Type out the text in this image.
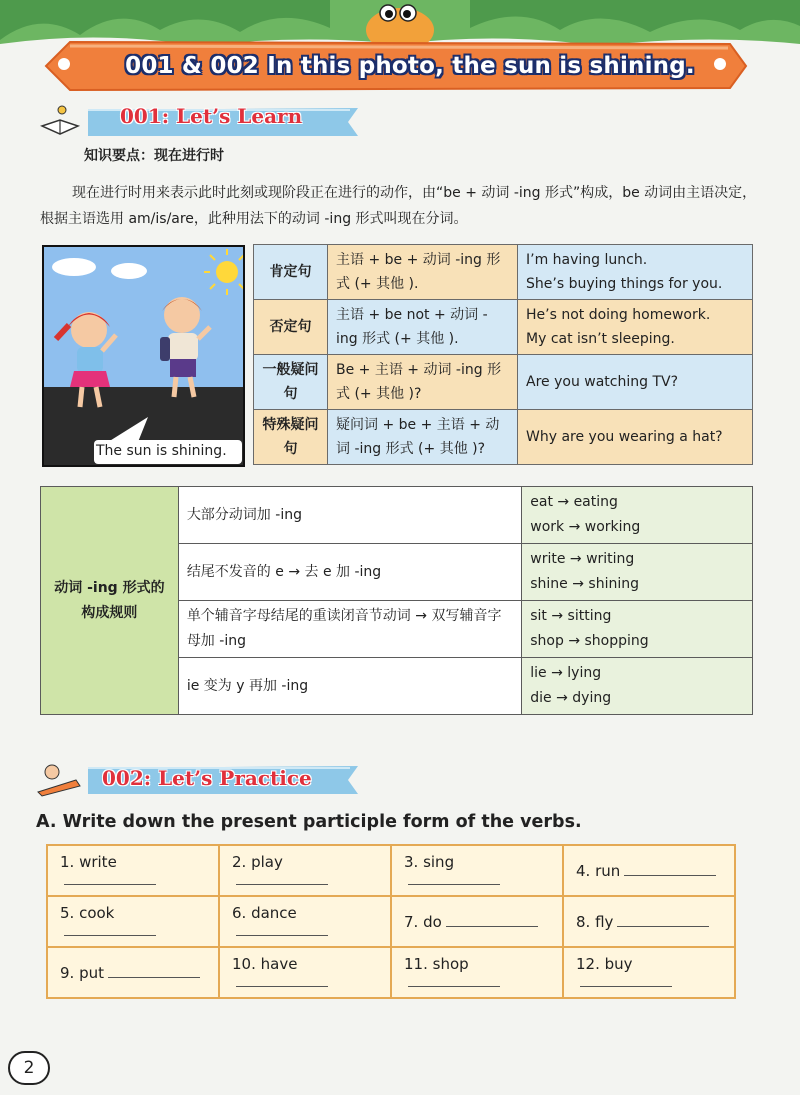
001 & 002 In this photo, the sun is shining.
001: Let’s Learn
知识要点：现在进行时
现在进行时用来表示此时此刻或现阶段正在进行的动作，由“be + 动词 -ing 形式”构成，be 动词由主语决定，根据主语选用 am/is/are，此种用法下的动词 -ing 形式叫现在分词。
The sun is shining.
肯定句	主语 + be + 动词 -ing 形式 (+ 其他 ).	I’m having lunch.
She’s buying things for you.

否定句	主语 + be not + 动词 -ing 形式 (+ 其他 ).	He’s not doing homework.
My cat isn’t sleeping.

一般疑问句	Be + 主语 + 动词 -ing 形式 (+ 其他 )?	Are you watching TV?
特殊疑问句	疑问词 + be + 主语 + 动词 -ing 形式 (+ 其他 )?	Why are you wearing a hat?
动词 -ing 形式的构成规则	大部分动词加 -ing	eat → eating
work → working

	结尾不发音的 e → 去 e 加 -ing	write → writing
shine → shining

	单个辅音字母结尾的重读闭音节动词 → 双写辅音字母加 -ing	sit → sitting
shop → shopping

	ie 变为 y 再加 -ing	lie → lying
die → dying
002: Let’s Practice
A. Write down the present participle form of the verbs.
1. write	2. play	3. sing	4. run
5. cook	6. dance	7. do	8. fly
9. put	10. have	11. shop	12. buy
2
